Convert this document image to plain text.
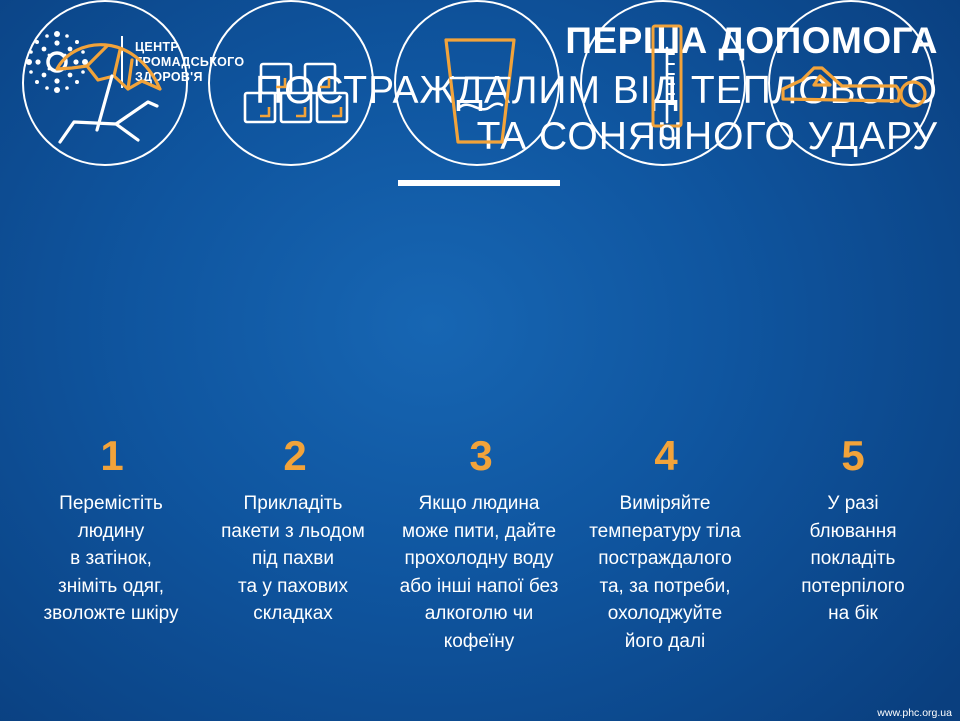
ЦЕНТР
ГРОМАДСЬКОГО
ЗДОРОВ'Я
ПЕРША ДОПОМОГА
ПОСТРАЖДАЛИМ ВІД ТЕПЛОВОГО
ТА СОНЯЧНОГО УДАРУ
1
Перемістіть
людину
в затінок,
зніміть одяг,
зволожте шкіру
2
Прикладіть
пакети з льодом
під пахви
та у пахових
складках
3
Якщо людина
може пити, дайте
прохолодну воду
або інші напої без
алкоголю чи
кофеїну
4
Виміряйте
температуру тіла
постраждалого
та, за потреби,
охолоджуйте
його далі
5
У разі
блювання
покладіть
потерпілого
на бік
www.phc.org.ua
